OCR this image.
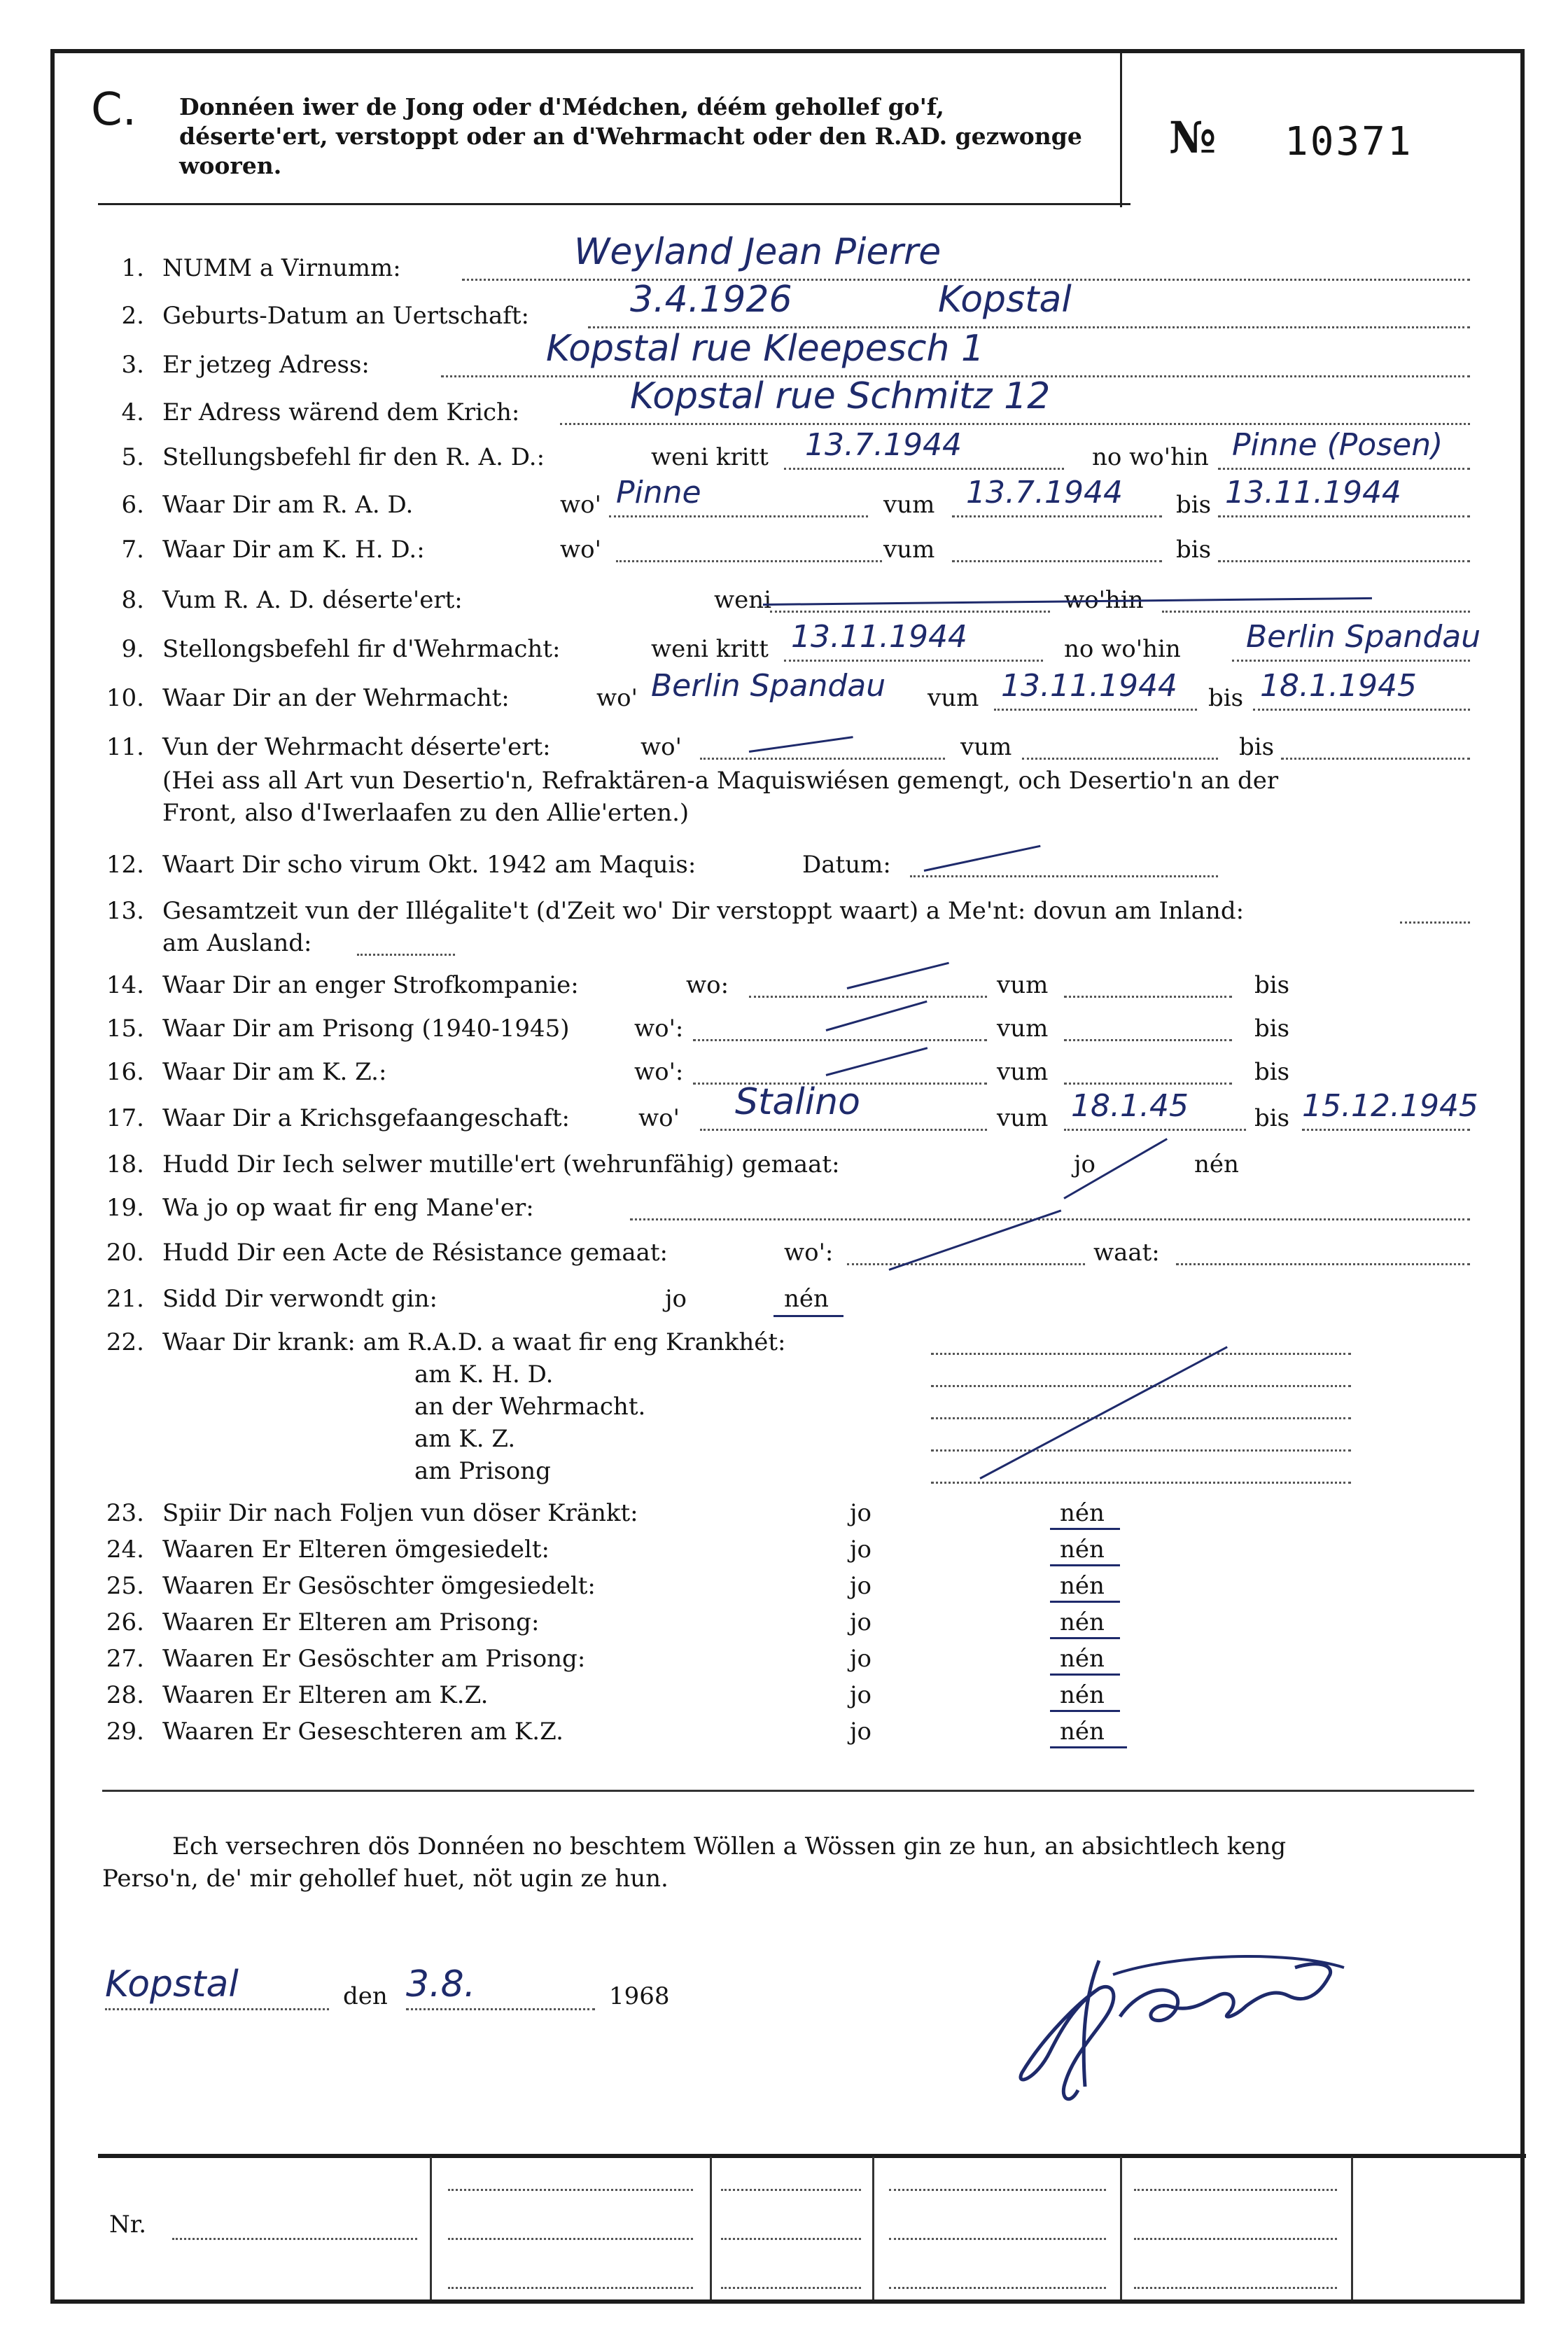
C. Donnéen iwer de Jong oder d'Médchen, déém gehollef go'f, déserte'ert, verstoppt oder an d'Wehrmacht oder den R.AD. gezwonge wooren.
№ 10371
1. NUMM a Virnumm:	Weyland Jean Pierre
2. Geburts-Datum an Uertschaft:	3.4.1926	Kopstal
3. Er jetzeg Adress:	Kopstal rue Kleepesch 1
4. Er Adress wärend dem Krich:	Kopstal rue Schmitz 12
5. Stellungsbefehl fir den R. A. D.:	weni kritt 13.7.1944	no wo'hin Pinne (Posen)
6. Waar Dir am R. A. D.	wo' Pinne	vum 13.7.1944 bis 13.11.1944
7. Waar Dir am K. H. D.:	wo'	vum	bis
8. Vum R. A. D. déserte'ert:	weni	wo'hin
9. Stellongsbefehl fir d'Wehrmacht:	weni kritt 13.11.1944	no wo'hin Berlin Spandau
10. Waar Dir an der Wehrmacht:	wo' Berlin Spandau vum 13.11.1944 bis 18.1.1945
11. Vun der Wehrmacht déserte'ert:	wo'	vum	bis
(Hei ass all Art vun Desertio'n, Refraktären-a Maquiswiésen gemengt, och Desertio'n an der
Front, also d'Iwerlaafen zu den Allie'erten.)
12. Waart Dir scho virum Okt. 1942 am Maquis:	Datum:
13. Gesamtzeit vun der Illégalite't (d'Zeit wo' Dir verstoppt waart) a Me'nt: dovun am Inland:
am Ausland:
14. Waar Dir an enger Strofkompanie:	wo:	vum	bis
15. Waar Dir am Prisong (1940-1945)	wo':	vum	bis
16. Waar Dir am K. Z.:	wo':	vum	bis
17. Waar Dir a Krichsgefaangeschaft:	wo' Stalino	vum 18.1.45	bis 15.12.1945
18. Hudd Dir Iech selwer mutille'ert (wehrunfähig) gemaat:	jo	nén
19. Wa jo op waat fir eng Mane'er:
20. Hudd Dir een Acte de Résistance gemaat:	wo':	waat:
21. Sidd Dir verwondt gin:	jo	nén
22. Waar Dir krank: am R.A.D. a waat fir eng Krankhét:
am K. H. D.
an der Wehrmacht.
am K. Z.
am Prisong
23. Spiir Dir nach Foljen vun döser Kränkt:	jo	nén
24. Waaren Er Elteren ömgesiedelt:	jo	nén
25. Waaren Er Gesöschter ömgesiedelt:	jo	nén
26. Waaren Er Elteren am Prisong:	jo	nén
27. Waaren Er Gesöschter am Prisong:	jo	nén
28. Waaren Er Elteren am K.Z.	jo	nén
29. Waaren Er Geseschteren am K.Z.	jo	nén
Ech versechren dös Donnéen no beschtem Wöllen a Wössen gin ze hun, an absichtlech keng
Perso'n, de' mir gehollef huet, nöt ugin ze hun.
Kopstal	den 3.8.	1968
Nr.
